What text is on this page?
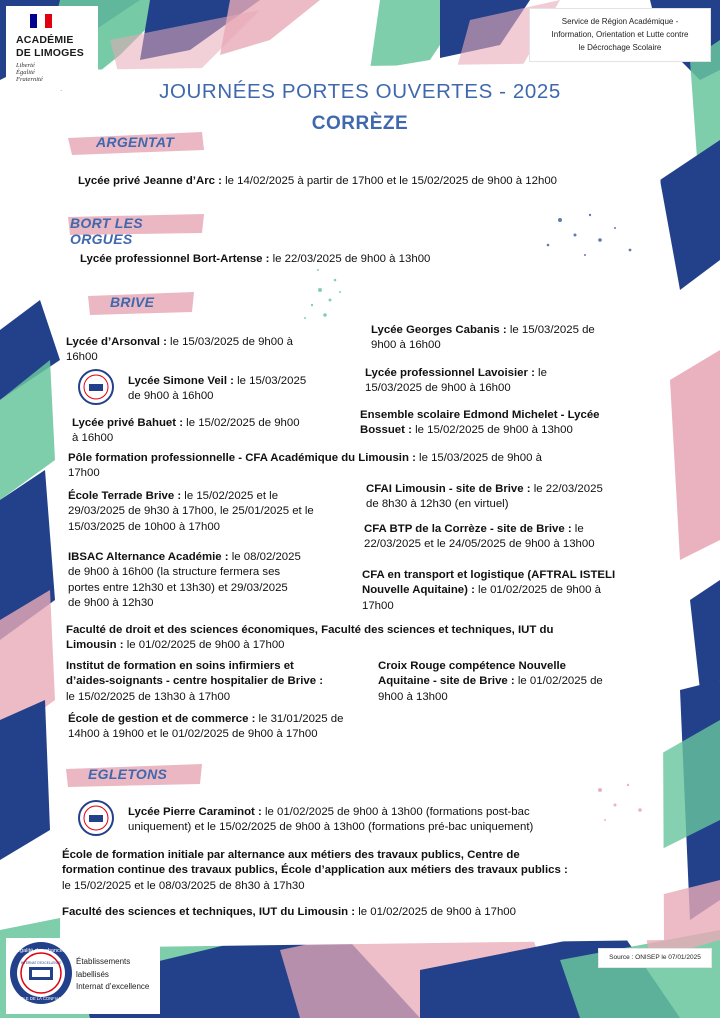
ACADÉMIE
DE LIMOGES
Liberté
Égalité
Fraternité
Service de Région Académique -
Information, Orientation et Lutte contre
le Décrochage Scolaire
JOURNÉES PORTES OUVERTES - 2025
CORRÈZE
ARGENTAT
Lycée privé Jeanne d’Arc : le 14/02/2025 à partir de 17h00 et le 15/02/2025 de 9h00 à 12h00
BORT LES ORGUES
Lycée professionnel Bort-Artense : le 22/03/2025 de 9h00 à 13h00
BRIVE
Lycée d’Arsonval : le 15/03/2025 de 9h00 à
16h00
Lycée Georges Cabanis : le 15/03/2025 de
9h00 à 16h00
Lycée Simone Veil : le 15/03/2025
de 9h00 à 16h00
Lycée professionnel Lavoisier : le
15/03/2025 de 9h00 à 16h00
Lycée privé Bahuet : le 15/02/2025 de 9h00
à 16h00
Ensemble scolaire Edmond Michelet - Lycée
Bossuet : le 15/02/2025 de 9h00 à 13h00
Pôle formation professionnelle - CFA Académique du Limousin : le 15/03/2025 de 9h00 à
17h00
École Terrade Brive : le 15/02/2025 et le
29/03/2025 de 9h30 à 17h00, le 25/01/2025 et le
15/03/2025 de 10h00 à 17h00
CFAI Limousin - site de Brive : le 22/03/2025
de 8h30 à 12h30 (en virtuel)
CFA BTP de la Corrèze - site de Brive : le
22/03/2025 et le 24/05/2025 de 9h00 à 13h00
IBSAC Alternance Académie : le 08/02/2025
de 9h00 à 16h00 (la structure fermera ses
portes entre 12h30 et 13h30) et 29/03/2025
de 9h00 à 12h30
CFA en transport et logistique (AFTRAL ISTELI
Nouvelle Aquitaine) : le 01/02/2025 de 9h00 à
17h00
Faculté de droit et des sciences économiques, Faculté des sciences et techniques, IUT du
Limousin : le 01/02/2025 de 9h00 à 17h00
Institut de formation en soins infirmiers et
d’aides-soignants - centre hospitalier de Brive :
le 15/02/2025 de 13h30 à 17h00
Croix Rouge compétence Nouvelle
Aquitaine - site de Brive : le 01/02/2025 de
9h00 à 13h00
École de gestion et de commerce : le 31/01/2025 de
14h00 à 19h00 et le 01/02/2025 de 9h00 à 17h00
EGLETONS
Lycée Pierre Caraminot : le 01/02/2025 de 9h00 à 13h00 (formations post-bac
uniquement) et le 15/02/2025 de 9h00 à 13h00 (formations pré-bac uniquement)
École de formation initiale par alternance aux métiers des travaux publics, Centre de
formation continue des travaux publics, École d’application aux métiers des travaux publics :
le 15/02/2025 et le 08/03/2025 de 8h30 à 17h30
Faculté des sciences et techniques, IUT du Limousin : le 01/02/2025 de 9h00 à 17h00
Égalité des chances
INTERNAT D'EXCELLENCE
ÉCOLE DE LA CONFIANCE
Établissements
labellisés
Internat d’excellence
Source : ONISEP le 07/01/2025
